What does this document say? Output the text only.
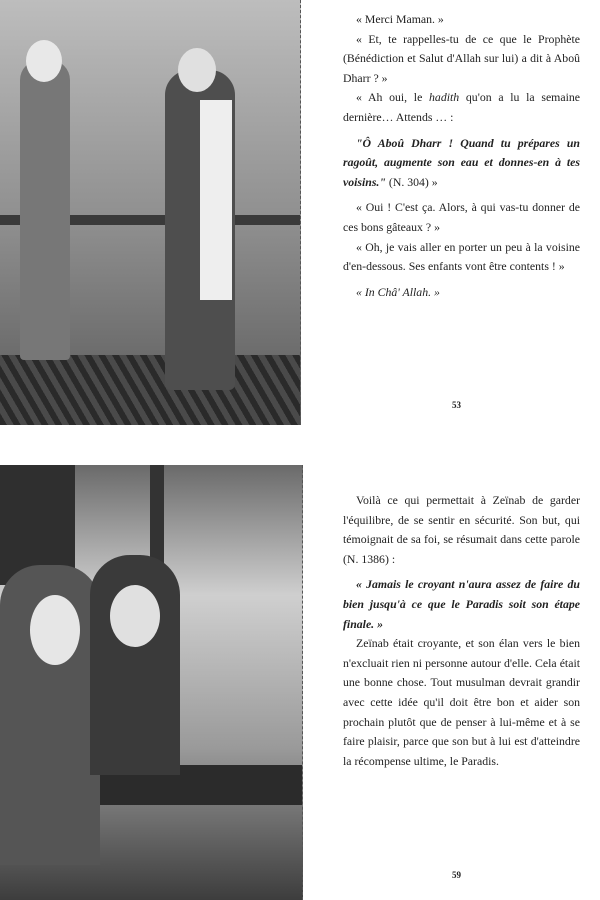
« Merci Maman. »

« Et, te rappelles-tu de ce que le Prophète (Bénédiction et Salut d'Allah sur lui) a dit à Aboû Dharr ? »

« Ah oui, le hadith qu'on a lu la semaine dernière… Attends … :

"Ô Aboû Dharr ! Quand tu prépares un ragoût, augmente son eau et donnes-en à tes voisins." (N. 304) »

« Oui ! C'est ça. Alors, à qui vas-tu donner de ces bons gâteaux ? »

« Oh, je vais aller en porter un peu à la voisine d'en-dessous. Ses enfants vont être contents ! »

« In Châ' Allah. »

53

Voilà ce qui permettait à Zeïnab de garder l'équilibre, de se sentir en sécurité. Son but, qui témoignait de sa foi, se résumait dans cette parole (N. 1386) :

« Jamais le croyant n'aura assez de faire du bien jusqu'à ce que le Paradis soit son étape finale. »

Zeïnab était croyante, et son élan vers le bien n'excluait rien ni personne autour d'elle. Cela était une bonne chose. Tout musulman devrait grandir avec cette idée qu'il doit être bon et aider son prochain plutôt que de penser à lui-même et à se faire plaisir, parce que son but à lui est d'atteindre la récompense ultime, le Paradis.

59
